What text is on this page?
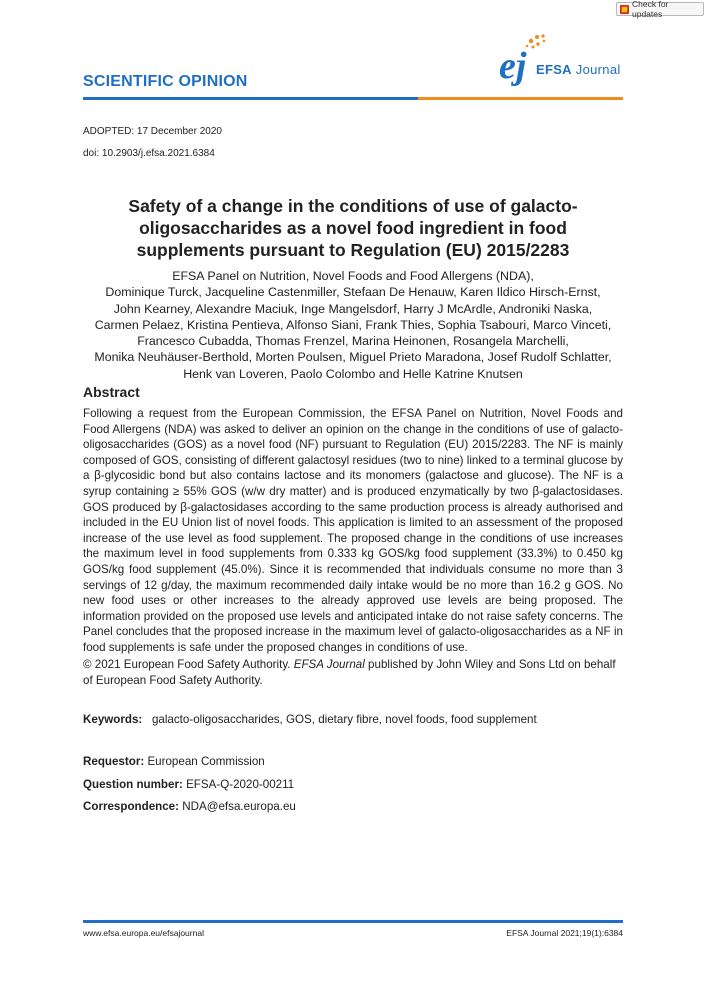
Check for updates
SCIENTIFIC OPINION	ej EFSA Journal
ADOPTED: 17 December 2020
doi: 10.2903/j.efsa.2021.6384
Safety of a change in the conditions of use of galacto-oligosaccharides as a novel food ingredient in food supplements pursuant to Regulation (EU) 2015/2283
EFSA Panel on Nutrition, Novel Foods and Food Allergens (NDA),
Dominique Turck, Jacqueline Castenmiller, Stefaan De Henauw, Karen Ildico Hirsch-Ernst,
John Kearney, Alexandre Maciuk, Inge Mangelsdorf, Harry J McArdle, Androniki Naska,
Carmen Pelaez, Kristina Pentieva, Alfonso Siani, Frank Thies, Sophia Tsabouri, Marco Vinceti,
Francesco Cubadda, Thomas Frenzel, Marina Heinonen, Rosangela Marchelli,
Monika Neuhäuser-Berthold, Morten Poulsen, Miguel Prieto Maradona, Josef Rudolf Schlatter,
Henk van Loveren, Paolo Colombo and Helle Katrine Knutsen
Abstract

Following a request from the European Commission, the EFSA Panel on Nutrition, Novel Foods and Food Allergens (NDA) was asked to deliver an opinion on the change in the conditions of use of galacto-oligosaccharides (GOS) as a novel food (NF) pursuant to Regulation (EU) 2015/2283. The NF is mainly composed of GOS, consisting of different galactosyl residues (two to nine) linked to a terminal glucose by a β-glycosidic bond but also contains lactose and its monomers (galactose and glucose). The NF is a syrup containing ≥ 55% GOS (w/w dry matter) and is produced enzymatically by two β-galactosidases. GOS produced by β-galactosidases according to the same production process is already authorised and included in the EU Union list of novel foods. This application is limited to an assessment of the proposed increase of the use level as food supplement. The proposed change in the conditions of use increases the maximum level in food supplements from 0.333 kg GOS/kg food supplement (33.3%) to 0.450 kg GOS/kg food supplement (45.0%). Since it is recommended that individuals consume no more than 3 servings of 12 g/day, the maximum recommended daily intake would be no more than 16.2 g GOS. No new food uses or other increases to the already approved use levels are being proposed. The information provided on the proposed use levels and anticipated intake do not raise safety concerns. The Panel concludes that the proposed increase in the maximum level of galacto-oligosaccharides as a NF in food supplements is safe under the proposed changes in conditions of use.

© 2021 European Food Safety Authority. EFSA Journal published by John Wiley and Sons Ltd on behalf of European Food Safety Authority.
Keywords: galacto-oligosaccharides, GOS, dietary fibre, novel foods, food supplement
Requestor: European Commission
Question number: EFSA-Q-2020-00211
Correspondence: NDA@efsa.europa.eu
www.efsa.europa.eu/efsajournal	EFSA Journal 2021;19(1):6384
